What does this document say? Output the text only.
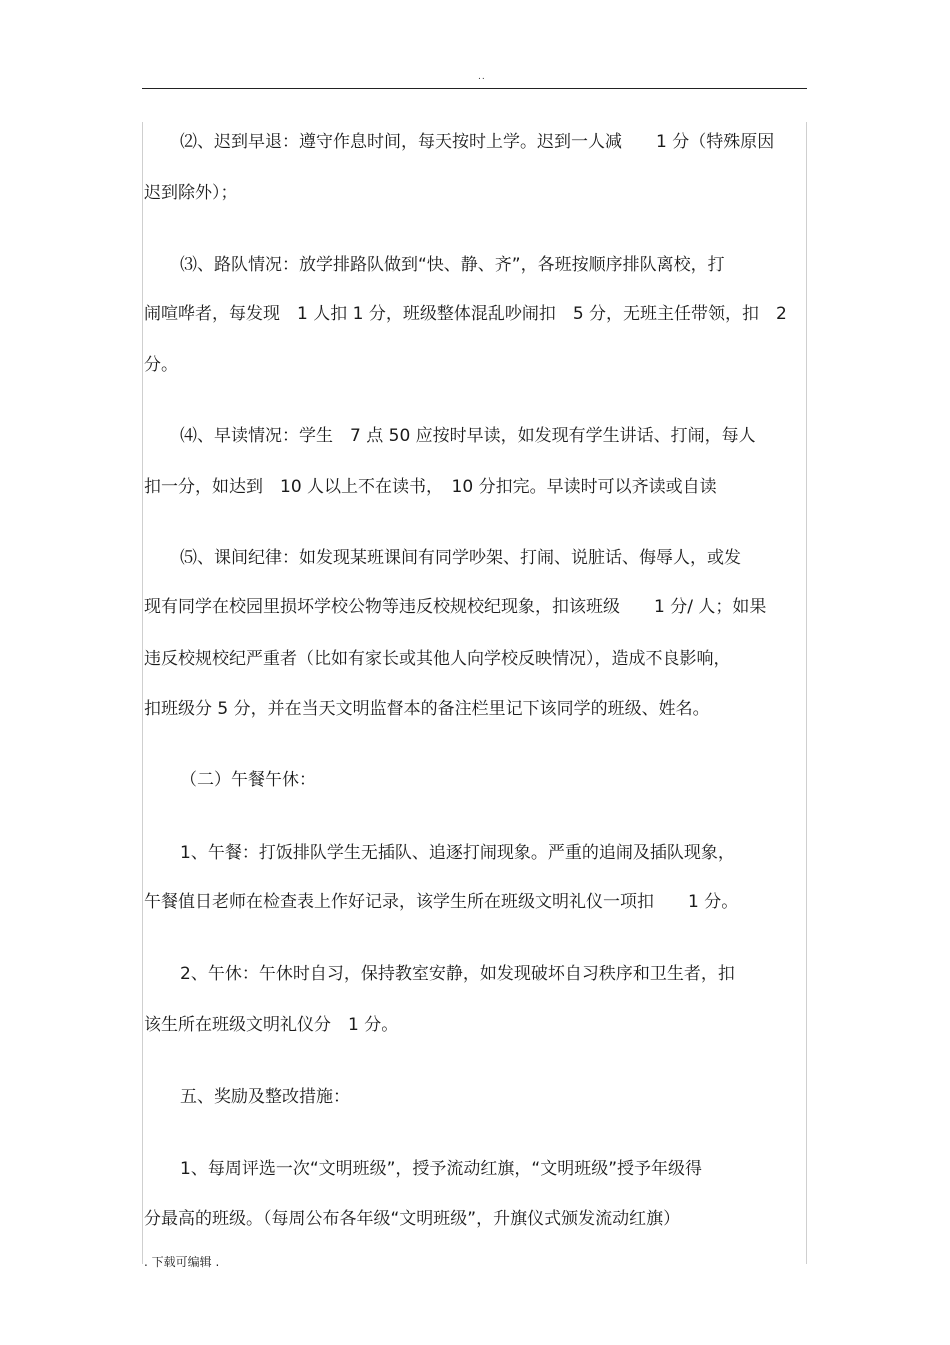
..

⑵、迟到早退：遵守作息时间，每天按时上学。迟到一人减　　1 分（特殊原因

迟到除外）；

⑶、路队情况：放学排路队做到“快、静、齐”，各班按顺序排队离校，打

闹喧哗者，每发现　1 人扣 1 分，班级整体混乱吵闹扣　5 分，无班主任带领，扣　2

分。

⑷、早读情况：学生　7 点 50 应按时早读，如发现有学生讲话、打闹，每人

扣一分，如达到　10 人以上不在读书，　10 分扣完。早读时可以齐读或自读

⑸、课间纪律：如发现某班课间有同学吵架、打闹、说脏话、侮辱人，或发

现有同学在校园里损坏学校公物等违反校规校纪现象，扣该班级　　1 分/ 人；如果

违反校规校纪严重者（比如有家长或其他人向学校反映情况），造成不良影响，

扣班级分 5 分，并在当天文明监督本的备注栏里记下该同学的班级、姓名。

（二）午餐午休：

1、午餐：打饭排队学生无插队、追逐打闹现象。严重的追闹及插队现象，

午餐值日老师在检查表上作好记录，该学生所在班级文明礼仪一项扣　　1 分。

2、午休：午休时自习，保持教室安静，如发现破坏自习秩序和卫生者，扣

该生所在班级文明礼仪分　1 分。

五、奖励及整改措施：

1、每周评选一次“文明班级”，授予流动红旗，“文明班级”授予年级得

分最高的班级。（每周公布各年级“文明班级”，升旗仪式颁发流动红旗）

. 下载可编辑 .
